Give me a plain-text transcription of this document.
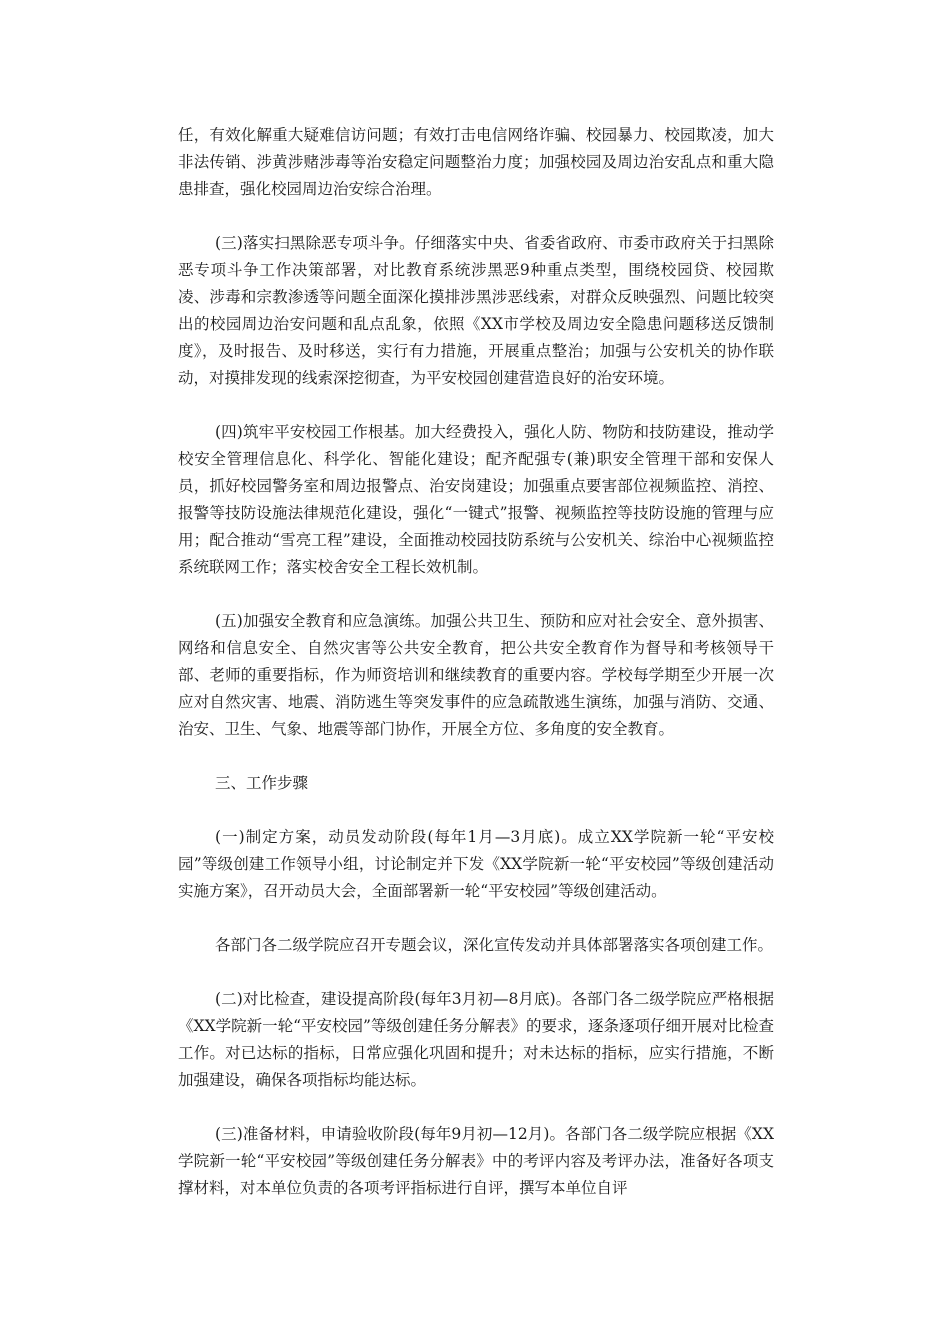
任，有效化解重大疑难信访问题；有效打击电信网络诈骗、校园暴力、校园欺凌，加大非法传销、涉黄涉赌涉毒等治安稳定问题整治力度；加强校园及周边治安乱点和重大隐患排查，强化校园周边治安综合治理。

(三)落实扫黑除恶专项斗争。仔细落实中央、省委省政府、市委市政府关于扫黑除恶专项斗争工作决策部署，对比教育系统涉黑恶9种重点类型，围绕校园贷、校园欺凌、涉毒和宗教渗透等问题全面深化摸排涉黑涉恶线索，对群众反映强烈、问题比较突出的校园周边治安问题和乱点乱象，依照《XX市学校及周边安全隐患问题移送反馈制度》，及时报告、及时移送，实行有力措施，开展重点整治；加强与公安机关的协作联动，对摸排发现的线索深挖彻查，为平安校园创建营造良好的治安环境。

(四)筑牢平安校园工作根基。加大经费投入，强化人防、物防和技防建设，推动学校安全管理信息化、科学化、智能化建设；配齐配强专(兼)职安全管理干部和安保人员，抓好校园警务室和周边报警点、治安岗建设；加强重点要害部位视频监控、消控、报警等技防设施法律规范化建设，强化“一键式”报警、视频监控等技防设施的管理与应用；配合推动“雪亮工程”建设，全面推动校园技防系统与公安机关、综治中心视频监控系统联网工作；落实校舍安全工程长效机制。

(五)加强安全教育和应急演练。加强公共卫生、预防和应对社会安全、意外损害、网络和信息安全、自然灾害等公共安全教育，把公共安全教育作为督导和考核领导干部、老师的重要指标，作为师资培训和继续教育的重要内容。学校每学期至少开展一次应对自然灾害、地震、消防逃生等突发事件的应急疏散逃生演练，加强与消防、交通、治安、卫生、气象、地震等部门协作，开展全方位、多角度的安全教育。

三、工作步骤

(一)制定方案，动员发动阶段(每年1月—3月底)。成立XX学院新一轮“平安校园”等级创建工作领导小组，讨论制定并下发《XX学院新一轮“平安校园”等级创建活动实施方案》，召开动员大会，全面部署新一轮“平安校园”等级创建活动。

各部门各二级学院应召开专题会议，深化宣传发动并具体部署落实各项创建工作。

(二)对比检查，建设提高阶段(每年3月初—8月底)。各部门各二级学院应严格根据《XX学院新一轮“平安校园”等级创建任务分解表》的要求，逐条逐项仔细开展对比检查工作。对已达标的指标，日常应强化巩固和提升；对未达标的指标，应实行措施，不断加强建设，确保各项指标均能达标。

(三)准备材料，申请验收阶段(每年9月初—12月)。各部门各二级学院应根据《XX学院新一轮“平安校园”等级创建任务分解表》中的考评内容及考评办法，准备好各项支撑材料，对本单位负责的各项考评指标进行自评，撰写本单位自评
